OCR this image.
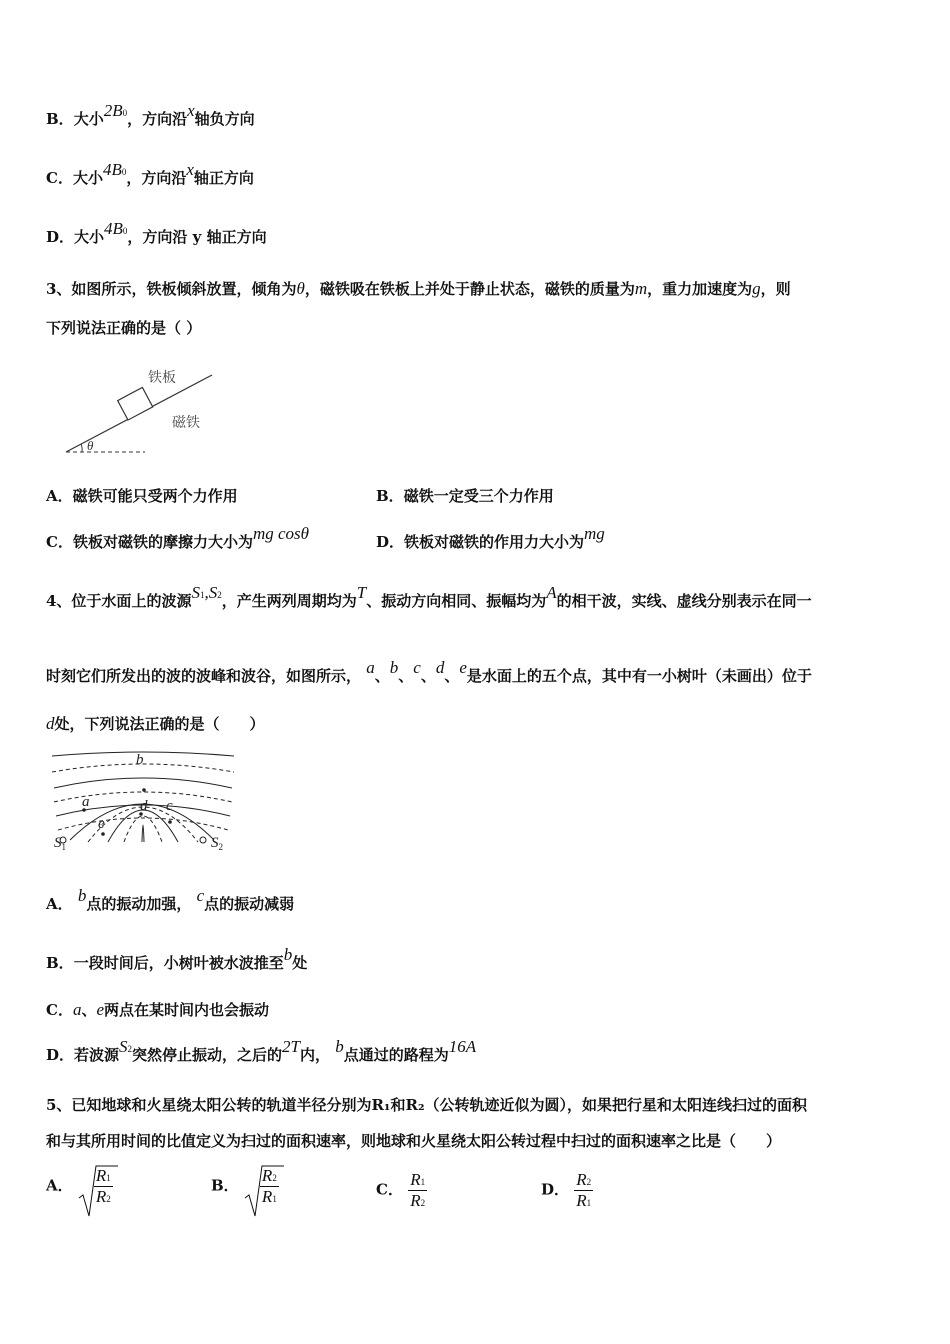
B．大小2B0，方向沿x轴负方向
C．大小4B0，方向沿x轴正方向
D．大小4B0，方向沿 y 轴正方向
3、如图所示，铁板倾斜放置，倾角为θ，磁铁吸在铁板上并处于静止状态，磁铁的质量为m，重力加速度为g，则
下列说法正确的是（ ）
铁板
磁铁
θ
A．磁铁可能只受两个力作用	B．磁铁一定受三个力作用
C．铁板对磁铁的摩擦力大小为mg cosθ	D．铁板对磁铁的作用力大小为mg
4、位于水面上的波源S1,S2，产生两列周期均为T、振动方向相同、振幅均为A的相干波，实线、虚线分别表示在同一
时刻它们所发出的波的波峰和波谷，如图所示， a、b、c、d、e是水面上的五个点，其中有一小树叶（未画出）位于
d处，下列说法正确的是（　　）
b
a	d c
e
$S_1$	$S_2$
A． b点的振动加强， c点的振动减弱
B．一段时间后，小树叶被水波推至b处
C．a、e两点在某时间内也会振动
D．若波源S2突然停止振动，之后的2T内， b点通过的路程为16A
5、已知地球和火星绕太阳公转的轨道半径分别为R₁和R₂（公转轨迹近似为圆），如果把行星和太阳连线扫过的面积
和与其所用时间的比值定义为扫过的面积速率，则地球和火星绕太阳公转过程中扫过的面积速率之比是（　　）
A． $\frac{R1}{R2}$	B． $\frac{R2}{R1}$	C． $\frac{R1}{R2}$	D． $\frac{R2}{R1}$
